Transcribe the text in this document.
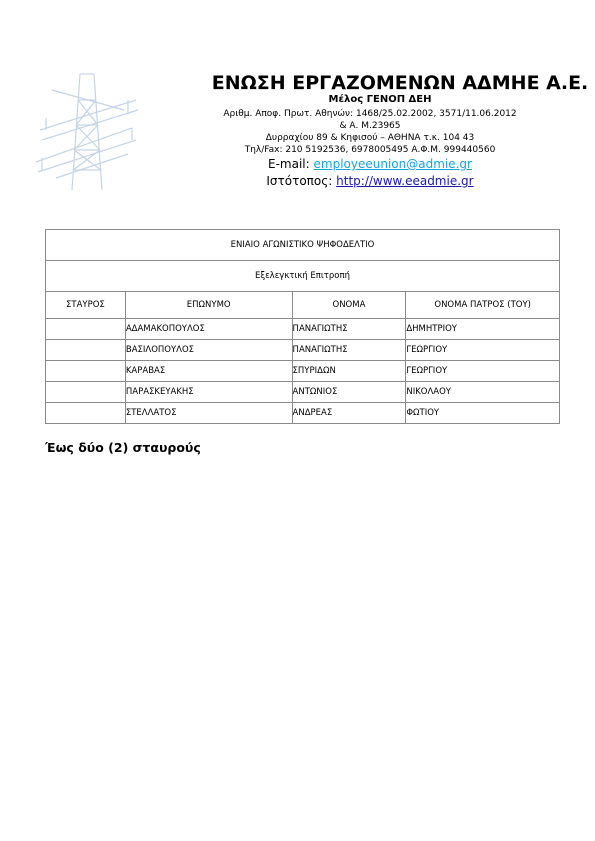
ΕΝΩΣΗ ΕΡΓΑΖΟΜΕΝΩΝ ΑΔΜΗΕ Α.Ε.
Μέλος ΓΕΝΟΠ ΔΕΗ
Αριθμ. Αποφ. Πρωτ. Αθηνών: 1468/25.02.2002, 3571/11.06.2012
& Α. Μ.23965
Δυρραχίου 89 & Κηφισού – ΑΘΗΝΑ τ.κ. 104 43
Τηλ/Fax: 210 5192536, 6978005495 Α.Φ.Μ. 999440560
E-mail: employeeunion@admie.gr
Ιστότοπος: http://www.eeadmie.gr
ΕΝΙΑΙΟ ΑΓΩΝΙΣΤΙΚΟ ΨΗΦΟΔΕΛΤΙΟ			
Εξελεγκτική Επιτροπή			
ΣΤΑΥΡΟΣ	ΕΠΩΝΥΜΟ	ΟΝΟΜΑ	ΟΝΟΜΑ ΠΑΤΡΟΣ (ΤΟΥ)
	ΑΔΑΜΑΚΟΠΟΥΛΟΣ	ΠΑΝΑΓΙΩΤΗΣ	ΔΗΜΗΤΡΙΟΥ
	ΒΑΣΙΛΟΠΟΥΛΟΣ	ΠΑΝΑΓΙΩΤΗΣ	ΓΕΩΡΓΙΟΥ
	ΚΑΡΑΒΑΣ	ΣΠΥΡΙΔΩΝ	ΓΕΩΡΓΙΟΥ
	ΠΑΡΑΣΚΕΥΑΚΗΣ	ΑΝΤΩΝΙΟΣ	ΝΙΚΟΛΑΟΥ
	ΣΤΕΛΛΑΤΟΣ	ΑΝΔΡΕΑΣ	ΦΩΤΙΟΥ
Έως δύο (2) σταυρούς
